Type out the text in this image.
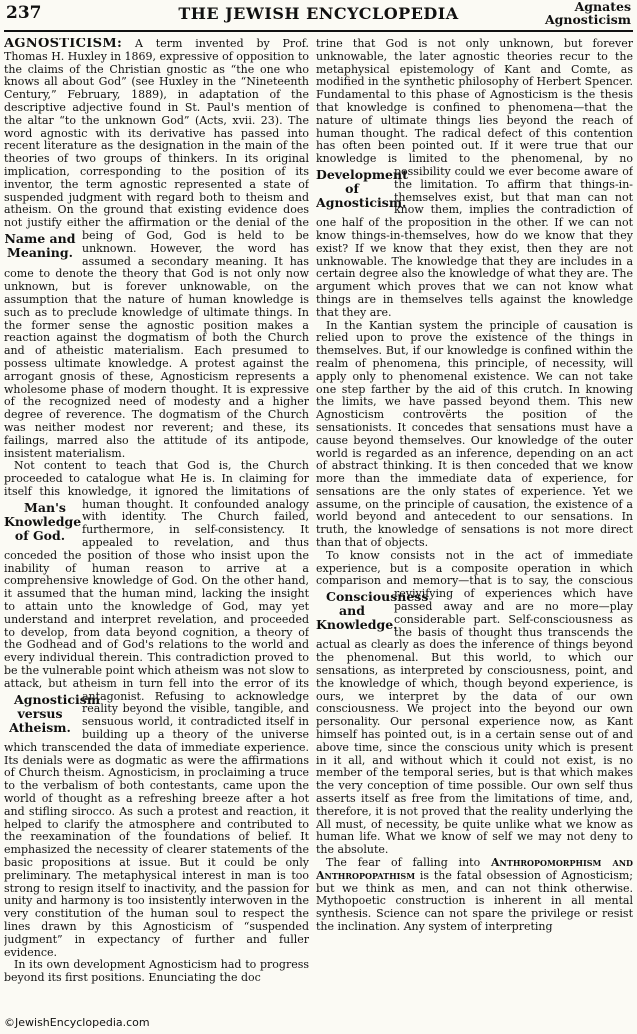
237	THE JEWISH ENCYCLOPEDIA	Agnates
Agnosticism

AGNOSTICISM: A term invented by Prof. Thomas H. Huxley in 1869, expressive of opposition to the claims of the Christian gnostic as “the one who knows all about God” (see Huxley in the “Nineteenth Century,” February, 1889), in adaptation of the descriptive adjective found in St. Paul's mention of the altar “to the unknown God” (Acts, xvii. 23). The word agnostic with its derivative has passed into recent literature as the designation in the main of the theories of two groups of thinkers. In its original implication, corresponding to the position of its inventor, the term agnostic represented a state of suspended judgment with regard both to theism and atheism. On the ground that existing evidence does not justify either the affirmation or the denial of the being of God,
Name and Meaning.
God is held to be unknown. However, the word has assumed a secondary meaning. It has come to denote the theory that God is not only now unknown, but is forever unknowable, on the assumption that the nature of human knowledge is such as to preclude knowledge of ultimate things. In the former sense the agnostic position makes a reaction against the dogmatism of both the Church and of atheistic materialism. Each presumed to possess ultimate knowledge. A protest against the arrogant gnosis of these, Agnosticism represents a wholesome phase of modern thought. It is expressive of the recognized need of modesty and a higher degree of reverence. The dogmatism of the Church was neither modest nor reverent; and these, its failings, marred also the attitude of its antipode, insistent materialism.

Not content to teach that God is, the Church proceeded to catalogue what He is. In claiming for itself this knowledge, it ignored the limitations of
Man's Knowledge of God.
human thought. It confounded analogy with identity. The Church failed, furthermore, in self-consistency. It appealed to revelation, and thus conceded the position of those who insist upon the inability of human reason to arrive at a comprehensive knowledge of God. On the other hand, it assumed that the human mind, lacking the insight to attain unto the knowledge of God, may yet understand and interpret revelation, and proceeded to develop, from data beyond cognition, a theory of the Godhead and of God's relations to the world and every individual therein. This contradiction proved to be the vulnerable point which atheism was not slow to attack, but atheism in turn fell into the error of its
Agnosticism versus Atheism.
antagonist. Refusing to acknowledge reality beyond the visible, tangible, and sensuous world, it contradicted itself in building up a theory of the universe which transcended the data of immediate experience. Its denials were as dogmatic as were the affirmations of Church theism. Agnosticism, in proclaiming a truce to the verbalism of both contestants, came upon the world of thought as a refreshing breeze after a hot and stifling sirocco. As such a protest and reaction, it helped to clarify the atmosphere and contributed to the reexamination of the foundations of belief. It emphasized the necessity of clearer statements of the basic propositions at issue. But it could be only preliminary. The metaphysical interest in man is too strong to resign itself to inactivity, and the passion for unity and harmony is too insistently interwoven in the very constitution of the human soul to respect the lines drawn by this Agnosticism of “suspended judgment” in expectancy of further and fuller evidence.

In its own development Agnosticism had to progress beyond its first positions. Enunciating the doc

trine that God is not only unknown, but forever unknowable, the later agnostic theories recur to the metaphysical epistemology of Kant and Comte, as modified in the synthetic philosophy of Herbert Spencer. Fundamental to this phase of Agnosticism is the thesis that knowledge is confined to phenomena—that the nature of ultimate things lies beyond the reach of human thought. The radical defect of this contention has often been pointed out. If it were true that our knowledge is limited to the phenomenal, by no possibility could we ever
Development of Agnosticism.
become aware of the limitation. To affirm that things-in-themselves exist, but that man can not know them, implies the contradiction of one half of the proposition in the other. If we can not know things-in-themselves, how do we know that they exist? If we know that they exist, then they are not unknowable. The knowledge that they are includes in a certain degree also the knowledge of what they are. The argument which proves that we can not know what things are in themselves tells against the knowledge that they are.

In the Kantian system the principle of causation is relied upon to prove the existence of the things in themselves. But, if our knowledge is confined within the realm of phenomena, this principle, of necessity, will apply only to phenomenal existence. We can not take one step farther by the aid of this crutch. In knowing the limits, we have passed beyond them. This new Agnosticism controvërts the position of the sensationists. It concedes that sensations must have a cause beyond themselves. Our knowledge of the outer world is regarded as an inference, depending on an act of abstract thinking. It is then conceded that we know more than the immediate data of experience, for sensations are the only states of experience. Yet we assume, on the principle of causation, the existence of a world beyond and antecedent to our sensations. In truth, the knowledge of sensations is not more direct than that of objects.

To know consists not in the act of immediate experience, but is a composite operation in which comparison and memory—that is to say, the conscious
Consciousness and Knowledge.
revivifying of experiences which have passed away and are no more—play considerable part. Self-consciousness as the basis of thought thus transcends the actual as clearly as does the inference of things beyond the phenomenal. But this world, to which our sensations, as interpreted by consciousness, point, and the knowledge of which, though beyond experience, is ours, we interpret by the data of our own consciousness. We project into the beyond our own personality. Our personal experience now, as Kant himself has pointed out, is in a certain sense out of and above time, since the conscious unity which is present in it all, and without which it could not exist, is no member of the temporal series, but is that which makes the very conception of time possible. Our own self thus asserts itself as free from the limitations of time, and, therefore, it is not proved that the reality underlying the All must, of necessity, be quite unlike what we know as human life. What we know of self we may not deny to the absolute.

The fear of falling into Anthropomorphism and Anthropopathism is the fatal obsession of Agnosticism; but we think as men, and can not think otherwise. Mythopoetic construction is inherent in all mental synthesis. Science can not spare the privilege or resist the inclination. Any system of interpreting

©JewishEncyclopedia.com
